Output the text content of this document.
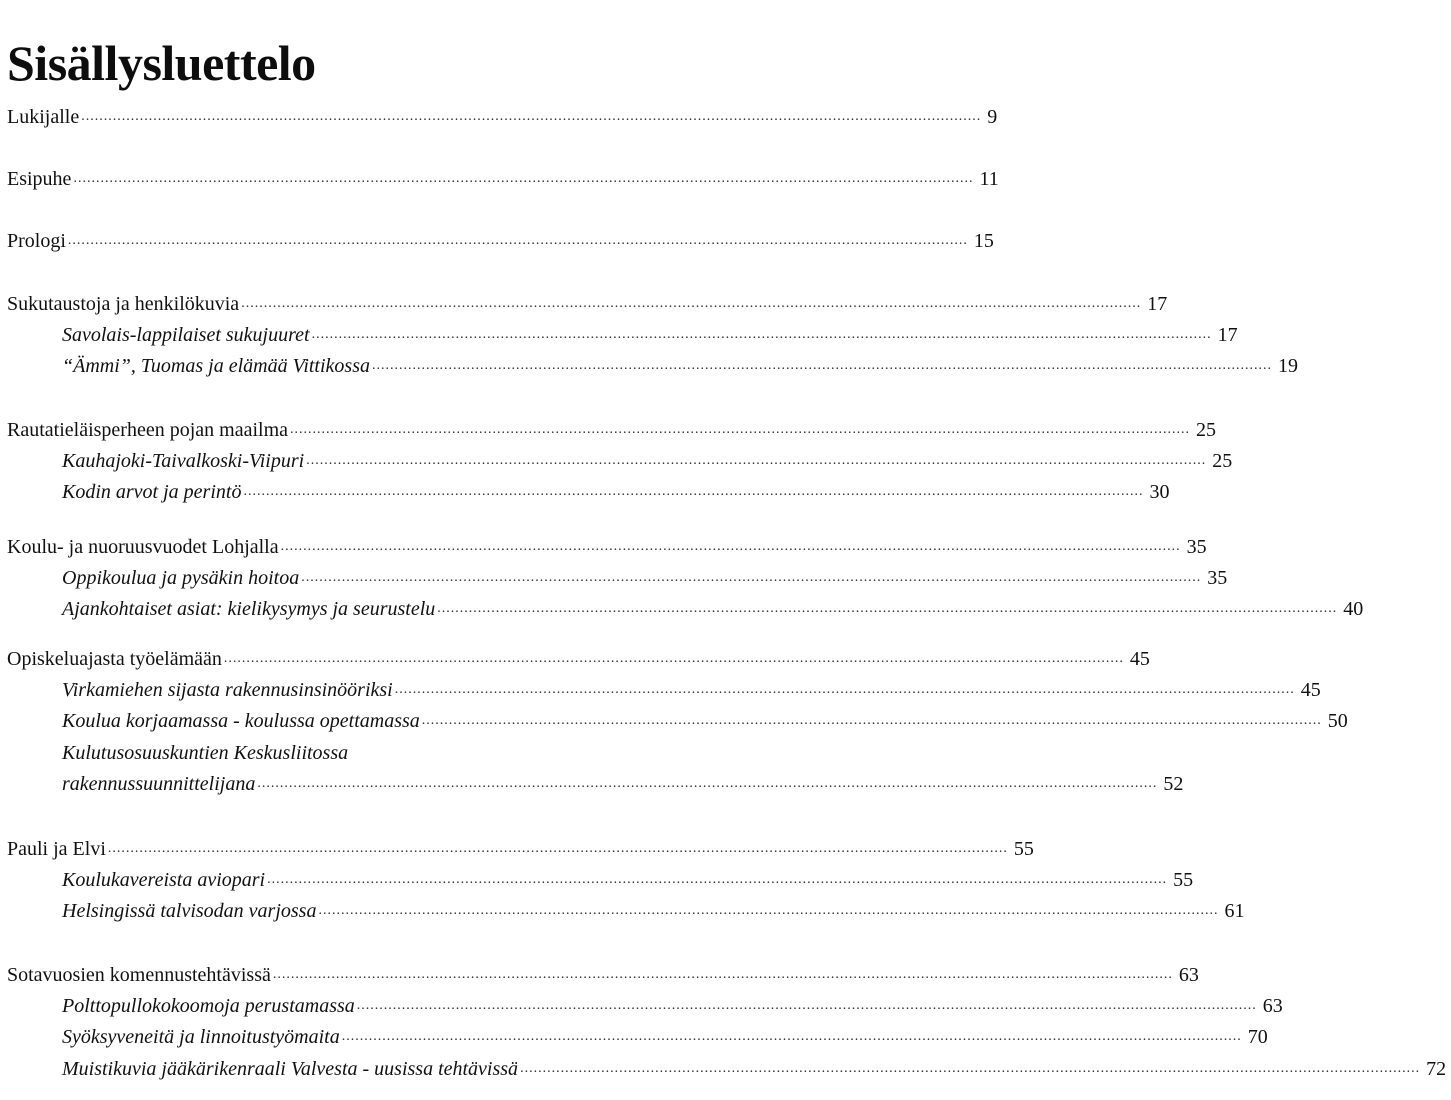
Sisällysluettelo
Lukijalle ........................................................................................................................................................................................................ 9
Esipuhe ........................................................................................................................................................................................................ 11
Prologi ........................................................................................................................................................................................................ 15
Sukutaustoja ja henkilökuvia ........................................................................................................................................................................................................ 17
Savolais-lappilaiset sukujuuret ........................................................................................................................................................................................................ 17
“Ämmi”, Tuomas ja elämää Vittikossa ........................................................................................................................................................................................................ 19
Rautatieläisperheen pojan maailma ........................................................................................................................................................................................................ 25
Kauhajoki-Taivalkoski-Viipuri ........................................................................................................................................................................................................ 25
Kodin arvot ja perintö ........................................................................................................................................................................................................ 30
Koulu- ja nuoruusvuodet Lohjalla ........................................................................................................................................................................................................ 35
Oppikoulua ja pysäkin hoitoa ........................................................................................................................................................................................................ 35
Ajankohtaiset asiat: kielikysymys ja seurustelu ........................................................................................................................................................................................................ 40
Opiskeluajasta työelämään ........................................................................................................................................................................................................ 45
Virkamiehen sijasta rakennusinsinööriksi ........................................................................................................................................................................................................ 45
Koulua korjaamassa - koulussa opettamassa ........................................................................................................................................................................................................ 50
Kulutusosuuskuntien Keskusliitossa
rakennussuunnittelijana ........................................................................................................................................................................................................ 52
Pauli ja Elvi ........................................................................................................................................................................................................ 55
Koulukavereista aviopari ........................................................................................................................................................................................................ 55
Helsingissä talvisodan varjossa ........................................................................................................................................................................................................ 61
Sotavuosien komennustehtävissä ........................................................................................................................................................................................................ 63
Polttopullokokoomoja perustamassa ........................................................................................................................................................................................................ 63
Syöksyveneitä ja linnoitustyömaita ........................................................................................................................................................................................................ 70
Muistikuvia jääkärikenraali Valvesta - uusissa tehtävissä ........................................................................................................................................................................................................ 72
